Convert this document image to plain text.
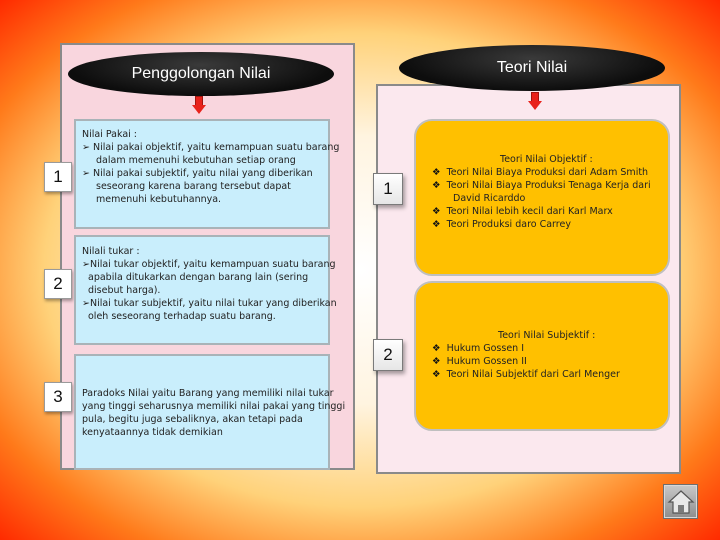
Penggolongan Nilai	Teori Nilai
1
2
3
1
2
Nilai Pakai :
➢ Nilai pakai objektif, yaitu kemampuan suatu barang
dalam memenuhi kebutuhan setiap orang
➢ Nilai pakai subjektif, yaitu nilai yang diberikan
seseorang karena barang tersebut dapat
memenuhi kebutuhannya.
Nilali tukar :
➢Nilai tukar objektif, yaitu kemampuan suatu barang
apabila ditukarkan dengan barang lain (sering
disebut harga).
➢Nilai tukar subjektif, yaitu nilai tukar yang diberikan
oleh seseorang terhadap suatu barang.
Paradoks Nilai yaitu Barang yang memiliki nilai tukar
yang tinggi seharusnya memiliki nilai pakai yang tinggi
pula, begitu juga sebaliknya, akan tetapi pada
kenyataannya tidak demikian
Teori Nilai Objektif :
❖ Teori Nilai Biaya Produksi dari Adam Smith
❖ Teori Nilai Biaya Produksi Tenaga Kerja dari
David Ricarddo
❖ Teori Nilai lebih kecil dari Karl Marx
❖ Teori Produksi daro Carrey
Teori Nilai Subjektif :
❖ Hukum Gossen I
❖ Hukum Gossen II
❖ Teori Nilai Subjektif dari Carl Menger
